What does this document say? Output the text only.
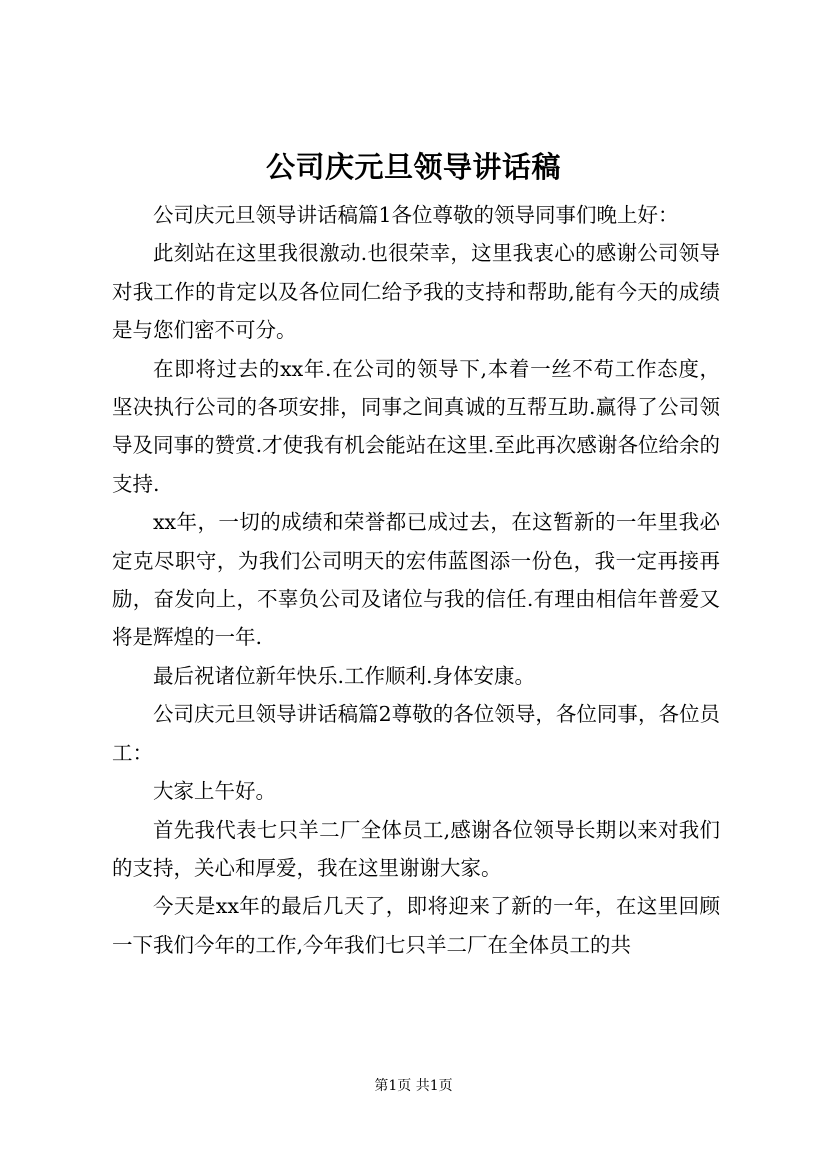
公司庆元旦领导讲话稿

公司庆元旦领导讲话稿篇1各位尊敬的领导同事们晚上好：

此刻站在这里我很激动.也很荣幸，这里我衷心的感谢公司领导对我工作的肯定以及各位同仁给予我的支持和帮助,能有今天的成绩是与您们密不可分。

在即将过去的xx年.在公司的领导下,本着一丝不苟工作态度，坚决执行公司的各项安排，同事之间真诚的互帮互助.赢得了公司领导及同事的赞赏.才使我有机会能站在这里.至此再次感谢各位给余的支持.

xx年，一切的成绩和荣誉都已成过去，在这暂新的一年里我必定克尽职守，为我们公司明天的宏伟蓝图添一份色，我一定再接再励，奋发向上，不辜负公司及诸位与我的信任.有理由相信年普爱又将是辉煌的一年.

最后祝诸位新年快乐.工作顺利.身体安康。

公司庆元旦领导讲话稿篇2尊敬的各位领导，各位同事，各位员工：

大家上午好。

首先我代表七只羊二厂全体员工,感谢各位领导长期以来对我们的支持，关心和厚爱，我在这里谢谢大家。

今天是xx年的最后几天了，即将迎来了新的一年，在这里回顾一下我们今年的工作,今年我们七只羊二厂在全体员工的共

第1页 共1页
